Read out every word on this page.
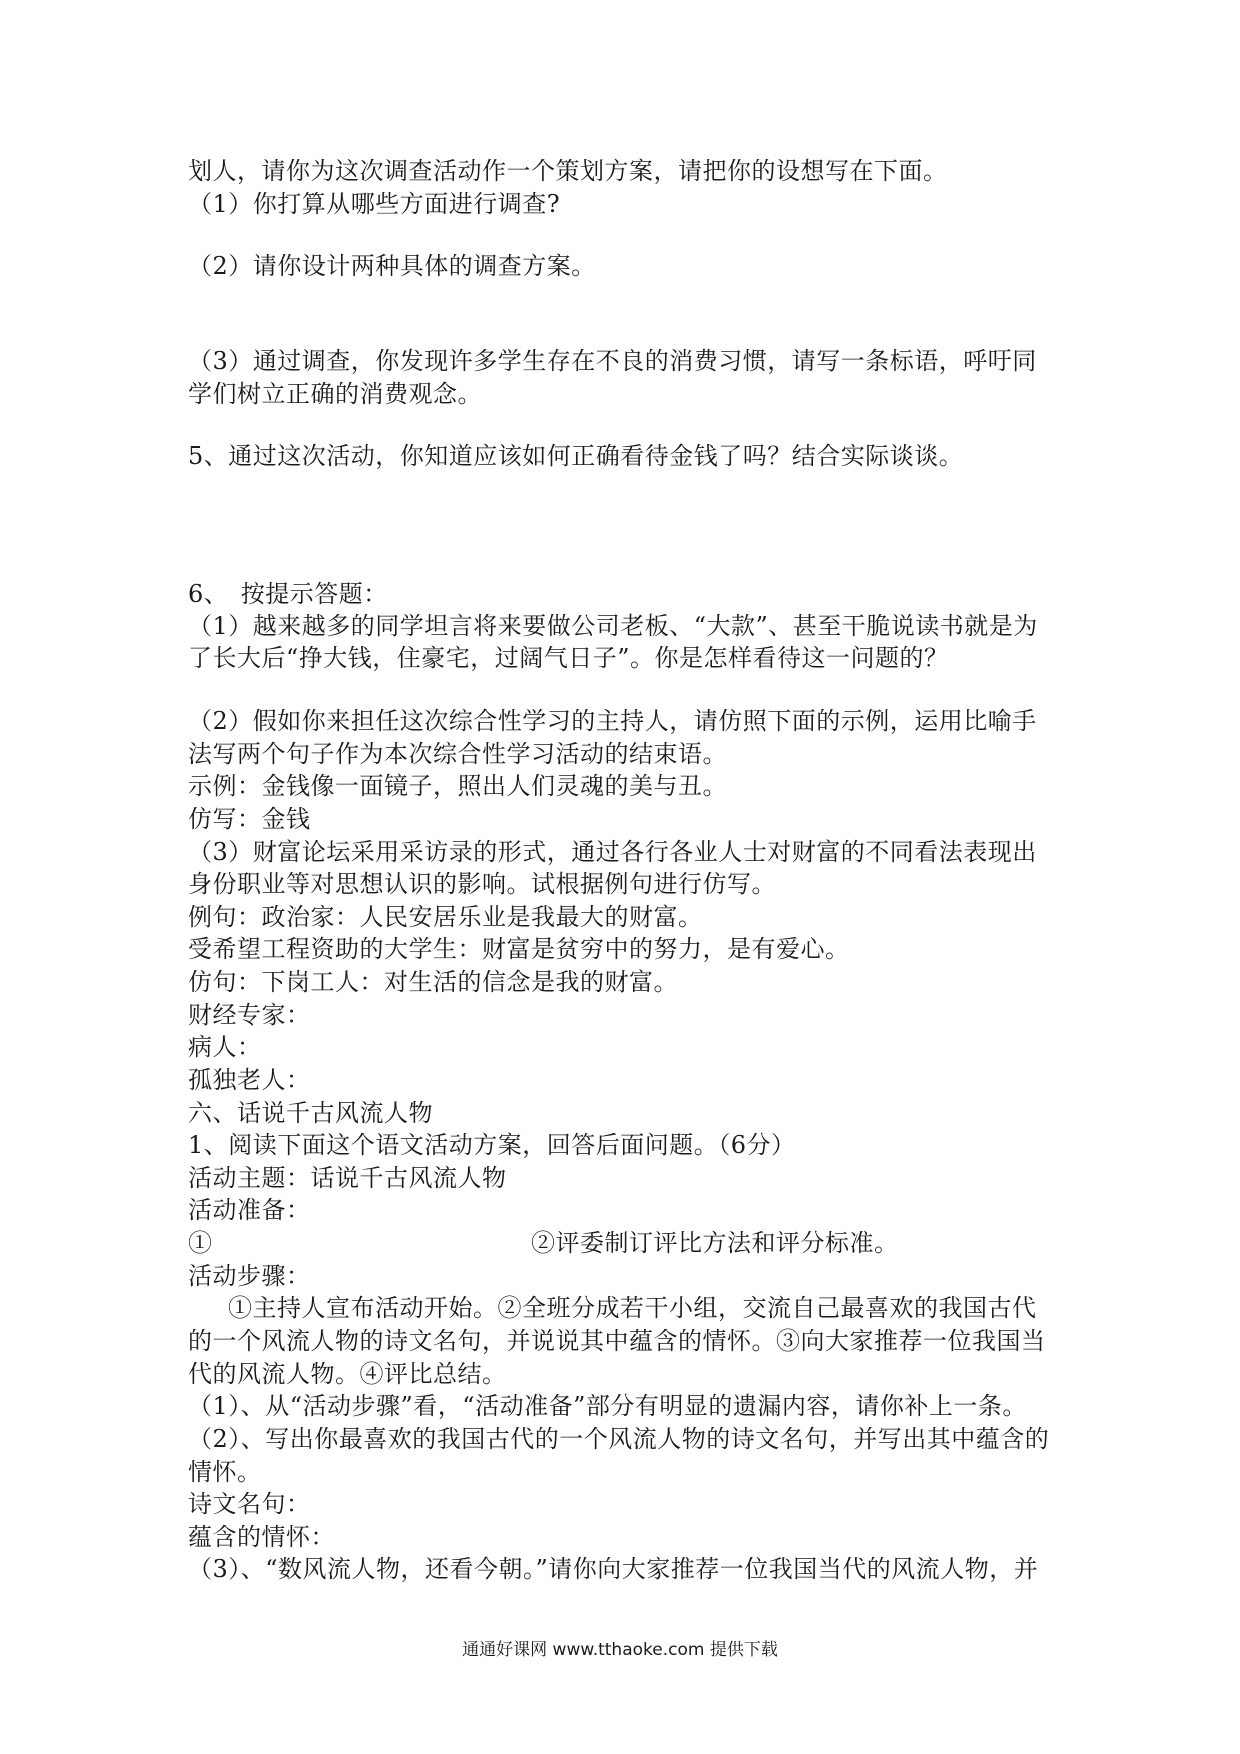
划人，请你为这次调查活动作一个策划方案，请把你的设想写在下面。
（1）你打算从哪些方面进行调查?
（2）请你设计两种具体的调查方案。
（3）通过调查，你发现许多学生存在不良的消费习惯，请写一条标语，呼吁同
学们树立正确的消费观念。
5、通过这次活动，你知道应该如何正确看待金钱了吗？结合实际谈谈。
6、　按提示答题：
（1）越来越多的同学坦言将来要做公司老板、“大款”、甚至干脆说读书就是为
了长大后“挣大钱，住豪宅，过阔气日子”。你是怎样看待这一问题的？
（2）假如你来担任这次综合性学习的主持人，请仿照下面的示例，运用比喻手
法写两个句子作为本次综合性学习活动的结束语。
示例：金钱像一面镜子，照出人们灵魂的美与丑。
仿写：金钱
（3）财富论坛采用采访录的形式，通过各行各业人士对财富的不同看法表现出
身份职业等对思想认识的影响。试根据例句进行仿写。
例句：政治家：人民安居乐业是我最大的财富。
受希望工程资助的大学生：财富是贫穷中的努力，是有爱心。
仿句：下岗工人：对生活的信念是我的财富。
财经专家：
病人：
孤独老人：
六、话说千古风流人物
1、阅读下面这个语文活动方案，回答后面问题。（6分）
活动主题：话说千古风流人物
活动准备：
①　　　　　　　　　　　　　②评委制订评比方法和评分标准。
活动步骤：
①主持人宣布活动开始。②全班分成若干小组，交流自己最喜欢的我国古代
的一个风流人物的诗文名句，并说说其中蕴含的情怀。③向大家推荐一位我国当
代的风流人物。④评比总结。
（1）、从“活动步骤”看，“活动准备”部分有明显的遗漏内容，请你补上一条。
（2）、写出你最喜欢的我国古代的一个风流人物的诗文名句，并写出其中蕴含的
情怀。
诗文名句：
蕴含的情怀：
（3）、“数风流人物，还看今朝。”请你向大家推荐一位我国当代的风流人物，并
通通好课网 www.tthaoke.com 提供下载
